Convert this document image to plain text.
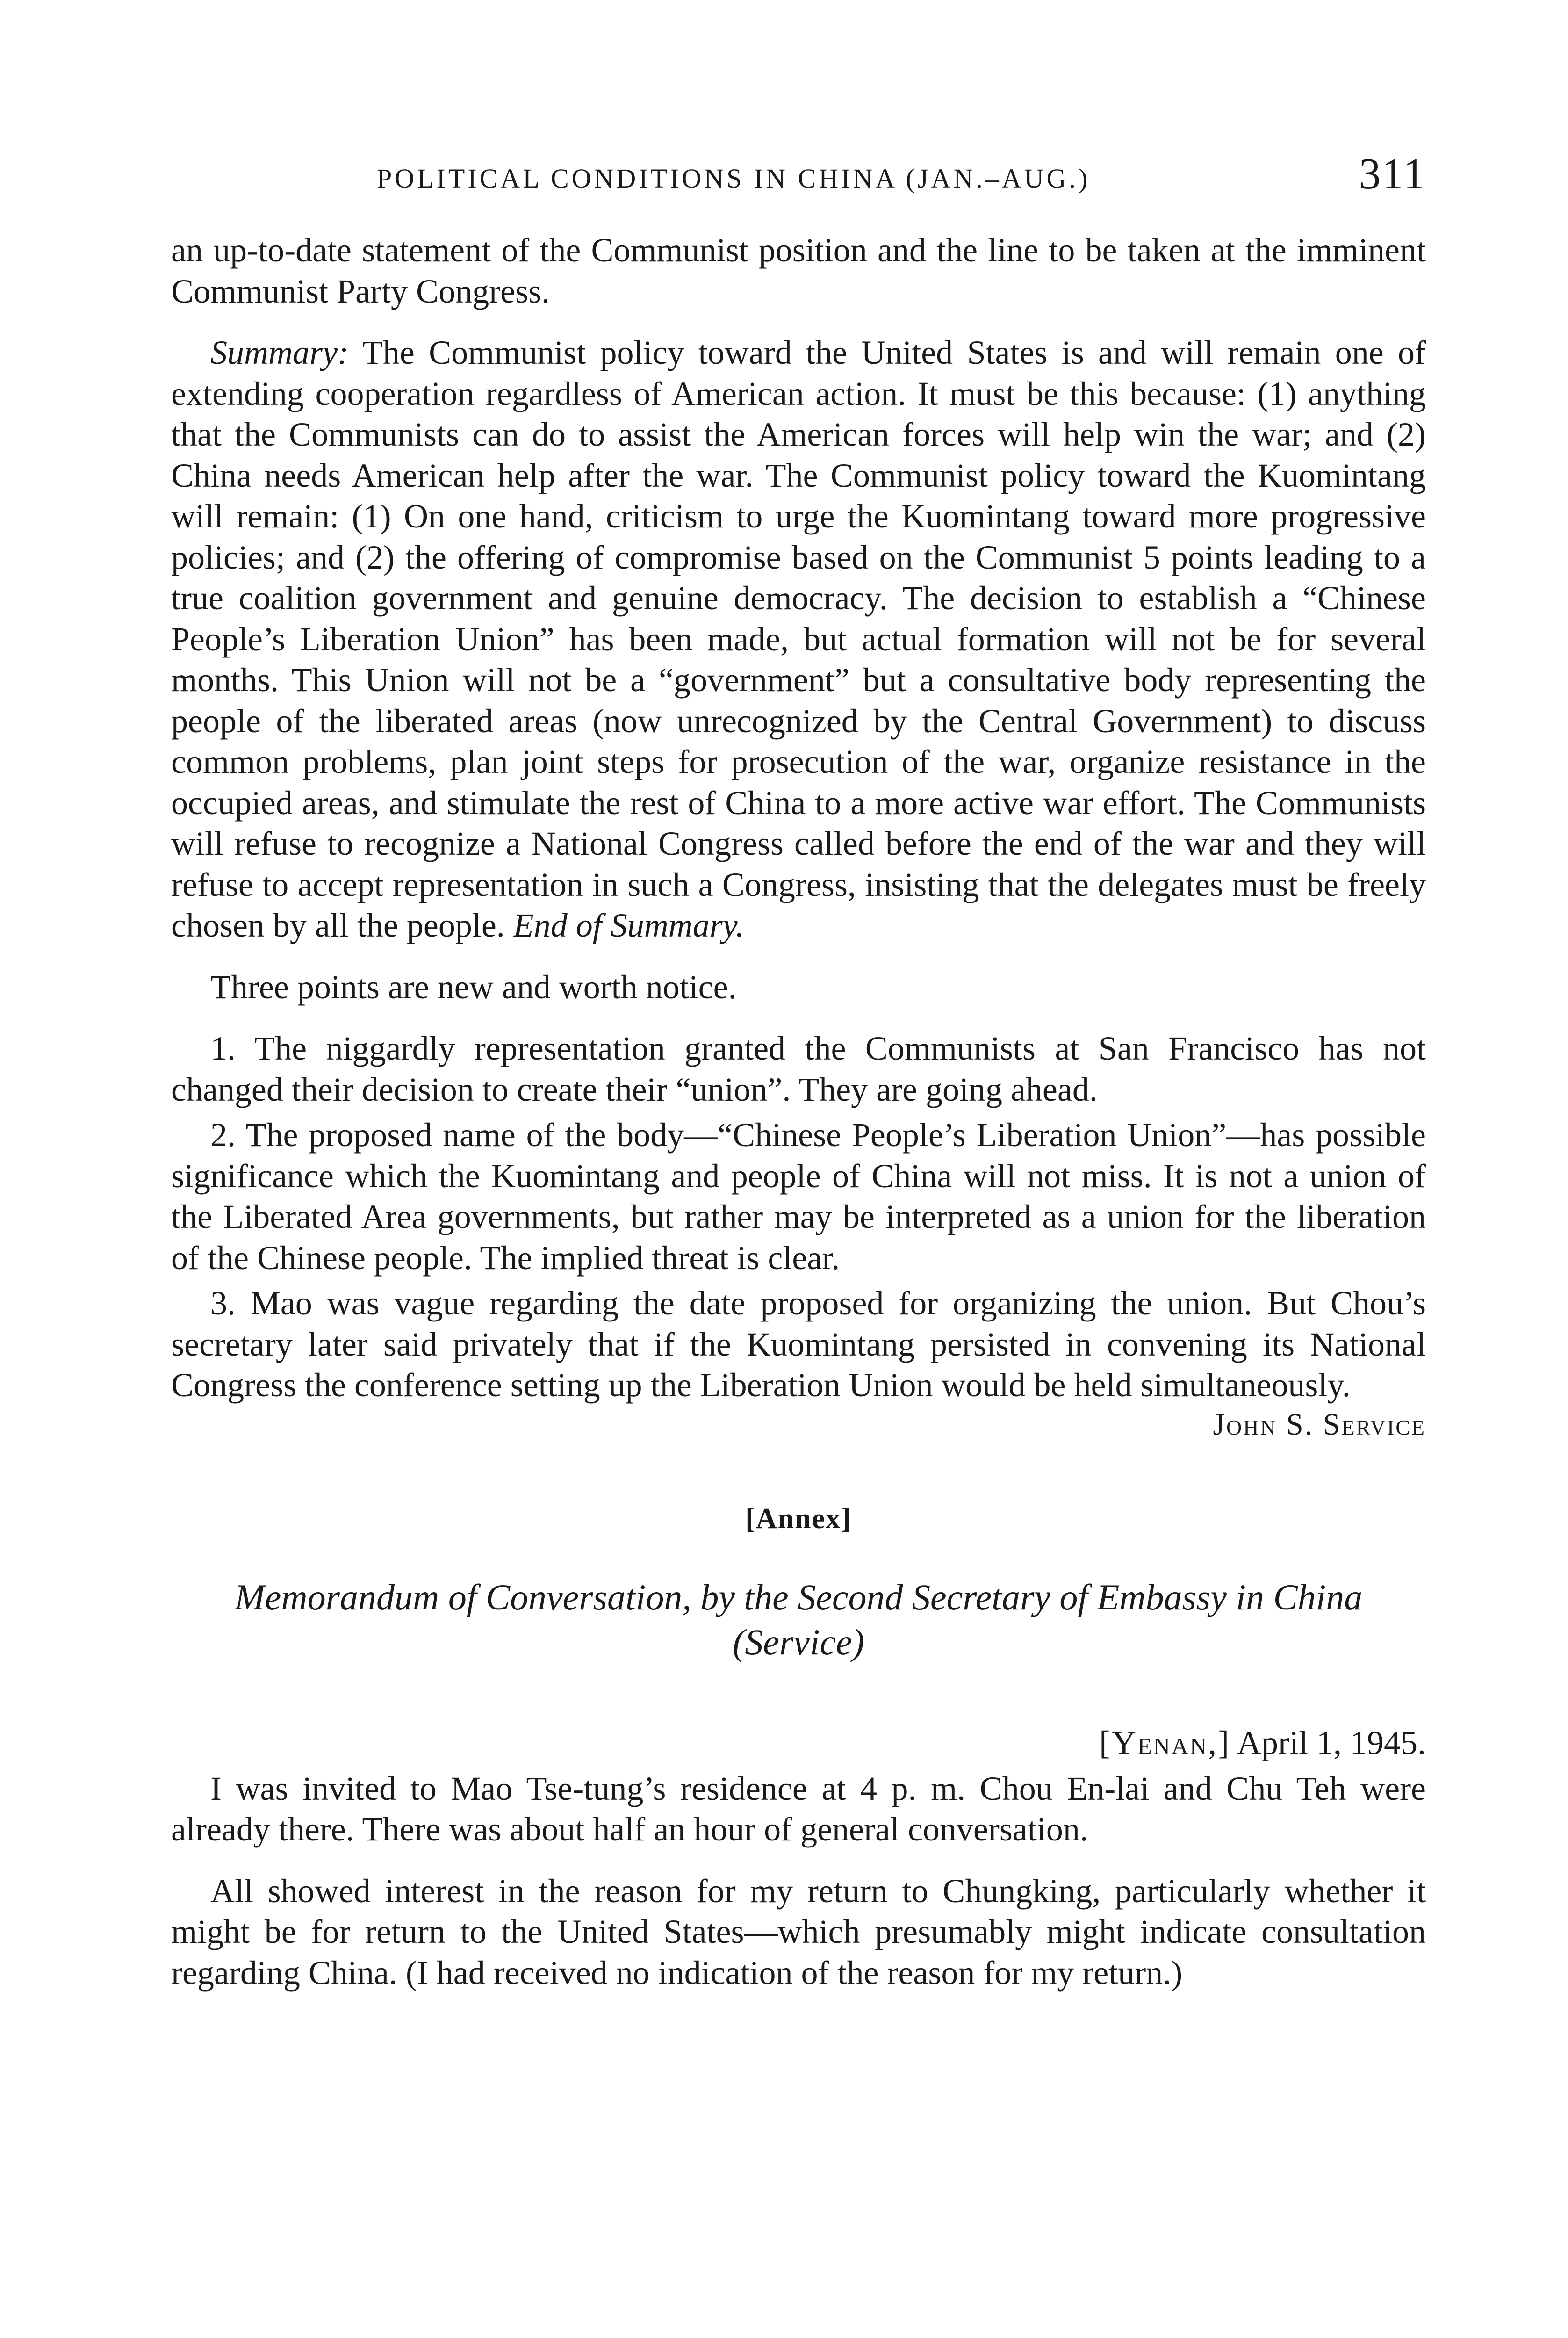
POLITICAL CONDITIONS IN CHINA (JAN.–AUG.)	311

an up-to-date statement of the Communist position and the line to be taken at the imminent Communist Party Congress.

Summary: The Communist policy toward the United States is and will remain one of extending cooperation regardless of American action. It must be this because: (1) anything that the Communists can do to assist the American forces will help win the war; and (2) China needs American help after the war. The Communist policy toward the Kuomintang will remain: (1) On one hand, criticism to urge the Kuomintang toward more progressive policies; and (2) the offering of compromise based on the Communist 5 points leading to a true coalition government and genuine democracy. The decision to establish a “Chinese People’s Liberation Union” has been made, but actual formation will not be for several months. This Union will not be a “government” but a consultative body representing the people of the liberated areas (now unrecognized by the Central Government) to discuss common problems, plan joint steps for prosecution of the war, organize resistance in the occupied areas, and stimulate the rest of China to a more active war effort. The Communists will refuse to recognize a National Congress called before the end of the war and they will refuse to accept representation in such a Congress, insisting that the delegates must be freely chosen by all the people. End of Summary.

Three points are new and worth notice.

1. The niggardly representation granted the Communists at San Francisco has not changed their decision to create their “union”. They are going ahead.

2. The proposed name of the body—“Chinese People’s Liberation Union”—has possible significance which the Kuomintang and people of China will not miss. It is not a union of the Liberated Area governments, but rather may be interpreted as a union for the liberation of the Chinese people. The implied threat is clear.

3. Mao was vague regarding the date proposed for organizing the union. But Chou’s secretary later said privately that if the Kuomintang persisted in convening its National Congress the conference setting up the Liberation Union would be held simultaneously.

John S. Service
[Annex]
Memorandum of Conversation, by the Second Secretary of Embassy in China (Service)
[Yenan,] April 1, 1945.

I was invited to Mao Tse-tung’s residence at 4 p. m. Chou En-lai and Chu Teh were already there. There was about half an hour of general conversation.

All showed interest in the reason for my return to Chungking, particularly whether it might be for return to the United States—which presumably might indicate consultation regarding China. (I had received no indication of the reason for my return.)
